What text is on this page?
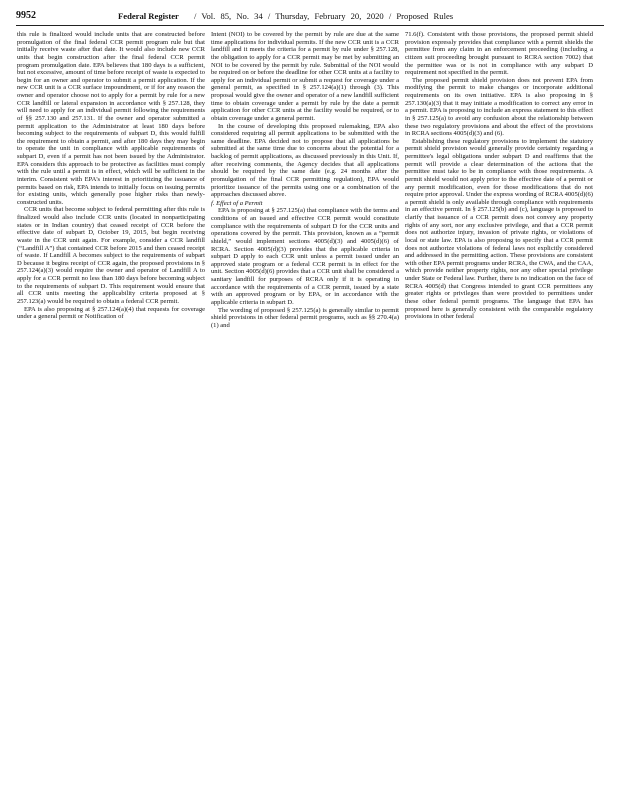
9952	Federal Register / Vol. 85, No. 34 / Thursday, February 20, 2020 / Proposed Rules

this rule is finalized would include units that are constructed before promulgation of the final federal CCR permit program rule but that initially receive waste after that date. It would also include new CCR units that begin construction after the final federal CCR permit program promulgation date. EPA believes that 180 days is a sufficient, but not excessive, amount of time before receipt of waste is expected to begin for an owner and operator to submit a permit application. If the new CCR unit is a CCR surface impoundment, or if for any reason the owner and operator choose not to apply for a permit by rule for a new CCR landfill or lateral expansion in accordance with § 257.128, they will need to apply for an individual permit following the requirements of §§ 257.130 and 257.131. If the owner and operator submitted a permit application to the Administrator at least 180 days before becoming subject to the requirements of subpart D, this would fulfill the requirement to obtain a permit, and after 180 days they may begin to operate the unit in compliance with applicable requirements of subpart D, even if a permit has not been issued by the Administrator. EPA considers this approach to be protective as facilities must comply with the rule until a permit is in effect, which will be sufficient in the interim. Consistent with EPA's interest in prioritizing the issuance of permits based on risk, EPA intends to initially focus on issuing permits for existing units, which generally pose higher risks than newly-constructed units.

CCR units that become subject to federal permitting after this rule is finalized would also include CCR units (located in nonparticipating states or in Indian country) that ceased receipt of CCR before the effective date of subpart D, October 19, 2015, but begin receiving waste in the CCR unit again. For example, consider a CCR landfill (“Landfill A”) that contained CCR before 2015 and then ceased receipt of waste. If Landfill A becomes subject to the requirements of subpart D because it begins receipt of CCR again, the proposed provisions in § 257.124(a)(3) would require the owner and operator of Landfill A to apply for a CCR permit no less than 180 days before becoming subject to the requirements of subpart D. This requirement would ensure that all CCR units meeting the applicability criteria proposed at § 257.123(a) would be required to obtain a federal CCR permit.

EPA is also proposing at § 257.124(a)(4) that requests for coverage under a general permit or Notification of

Intent (NOI) to be covered by the permit by rule are due at the same time applications for individual permits. If the new CCR unit is a CCR landfill and it meets the criteria for a permit by rule under § 257.128, the obligation to apply for a CCR permit may be met by submitting an NOI to be covered by the permit by rule. Submittal of the NOI would be required on or before the deadline for other CCR units at a facility to apply for an individual permit or submit a request for coverage under a general permit, as specified in § 257.124(a)(1) through (3). This proposal would give the owner and operator of a new landfill sufficient time to obtain coverage under a permit by rule by the date a permit application for other CCR units at the facility would be required, or to obtain coverage under a general permit.

In the course of developing this proposed rulemaking, EPA also considered requiring all permit applications to be submitted with the same deadline. EPA decided not to propose that all applications be submitted at the same time due to concerns about the potential for a backlog of permit applications, as discussed previously in this Unit. If, after receiving comments, the Agency decides that all applications should be required by the same date (e.g. 24 months after the promulgation of the final CCR permitting regulation), EPA would prioritize issuance of the permits using one or a combination of the approaches discussed above.

f. Effect of a Permit

EPA is proposing at § 257.125(a) that compliance with the terms and conditions of an issued and effective CCR permit would constitute compliance with the requirements of subpart D for the CCR units and operations covered by the permit. This provision, known as a “permit shield,” would implement sections 4005(d)(3) and 4005(d)(6) of RCRA. Section 4005(d)(3) provides that the applicable criteria in subpart D apply to each CCR unit unless a permit issued under an approved state program or a federal CCR permit is in effect for the unit. Section 4005(d)(6) provides that a CCR unit shall be considered a sanitary landfill for purposes of RCRA only if it is operating in accordance with the requirements of a CCR permit, issued by a state with an approved program or by EPA, or in accordance with the applicable criteria in subpart D.

The wording of proposed § 257.125(a) is generally similar to permit shield provisions in other federal permit programs, such as §§ 270.4(a)(1) and

71.6(f). Consistent with those provisions, the proposed permit shield provision expressly provides that compliance with a permit shields the permittee from any claim in an enforcement proceeding (including a citizen suit proceeding brought pursuant to RCRA section 7002) that the permittee was or is not in compliance with any subpart D requirement not specified in the permit.

The proposed permit shield provision does not prevent EPA from modifying the permit to make changes or incorporate additional requirements on its own initiative. EPA is also proposing in § 257.130(a)(3) that it may initiate a modification to correct any error in a permit. EPA is proposing to include an express statement to this effect in § 257.125(a) to avoid any confusion about the relationship between these two regulatory provisions and about the effect of the provisions in RCRA sections 4005(d)(3) and (6).

Establishing these regulatory provisions to implement the statutory permit shield provision would generally provide certainty regarding a permittee's legal obligations under subpart D and reaffirms that the permit will provide a clear determination of the actions that the permittee must take to be in compliance with those requirements. A permit shield would not apply prior to the effective date of a permit or any permit modification, even for those modifications that do not require prior approval. Under the express wording of RCRA 4005(d)(6) a permit shield is only available through compliance with requirements in an effective permit. In § 257.125(b) and (c), language is proposed to clarify that issuance of a CCR permit does not convey any property rights of any sort, nor any exclusive privilege, and that a CCR permit does not authorize injury, invasion of private rights, or violations of local or state law. EPA is also proposing to specify that a CCR permit does not authorize violations of federal laws not explicitly considered and addressed in the permitting action. These provisions are consistent with other EPA permit programs under RCRA, the CWA, and the CAA, which provide neither property rights, nor any other special privilege under State or Federal law. Further, there is no indication on the face of RCRA 4005(d) that Congress intended to grant CCR permittees any greater rights or privileges than were provided to permittees under these other federal permit programs. The language that EPA has proposed here is generally consistent with the comparable regulatory provisions in other federal
